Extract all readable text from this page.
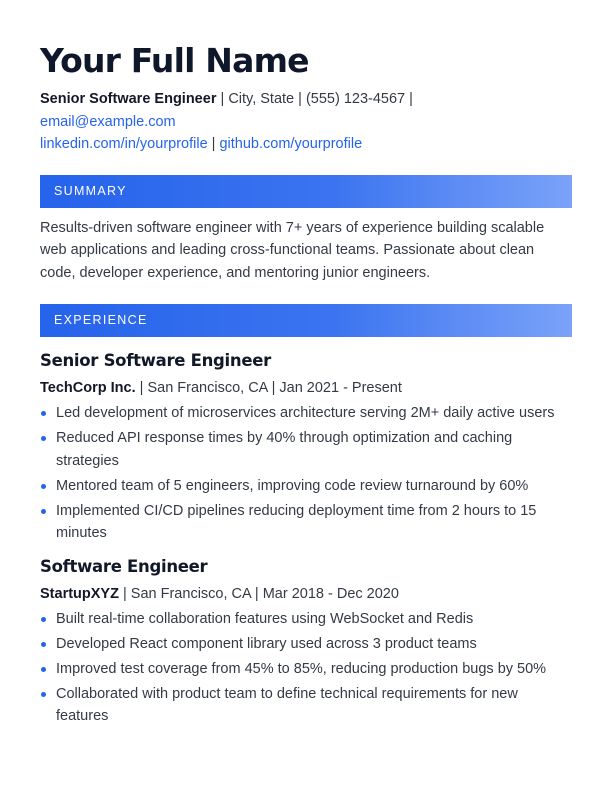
Your Full Name
Senior Software Engineer | City, State | (555) 123-4567 |
email@example.com
linkedin.com/in/yourprofile | github.com/yourprofile
SUMMARY

Results-driven software engineer with 7+ years of experience building scalable web applications and leading cross-functional teams. Passionate about clean code, developer experience, and mentoring junior engineers.

EXPERIENCE
Senior Software Engineer
TechCorp Inc. | San Francisco, CA | Jan 2021 - Present
Led development of microservices architecture serving 2M+ daily active users
Reduced API response times by 40% through optimization and caching strategies
Mentored team of 5 engineers, improving code review turnaround by 60%
Implemented CI/CD pipelines reducing deployment time from 2 hours to 15 minutes
Software Engineer
StartupXYZ | San Francisco, CA | Mar 2018 - Dec 2020
Built real-time collaboration features using WebSocket and Redis
Developed React component library used across 3 product teams
Improved test coverage from 45% to 85%, reducing production bugs by 50%
Collaborated with product team to define technical requirements for new features
